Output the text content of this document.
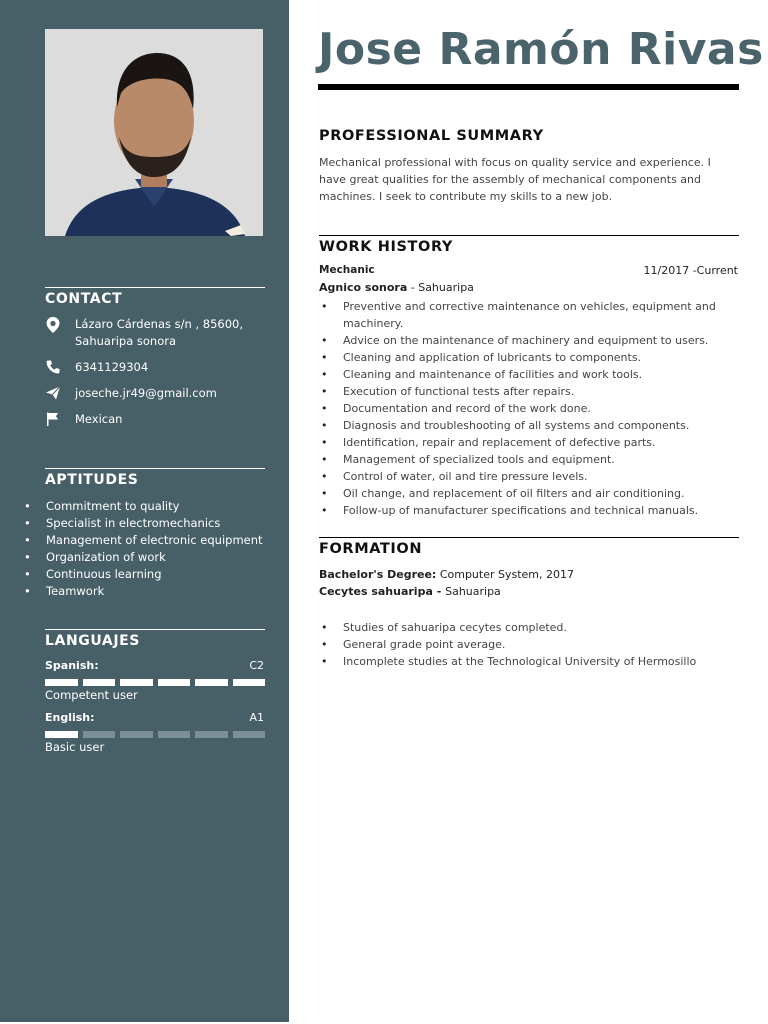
CONTACT
Lázaro Cárdenas s/n , 85600,
Sahuaripa sonora
6341129304
joseche.jr49@gmail.com
Mexican
APTITUDES
• Commitment to quality
• Specialist in electromechanics
• Management of electronic equipment
• Organization of work
• Continuous learning
• Teamwork
LANGUAJES
Spanish:	C2
Competent user
English:	A1
Basic user
Jose Ramón Rivas
PROFESSIONAL SUMMARY
Mechanical professional with focus on quality service and experience. I have great qualities for the assembly of mechanical components and machines. I seek to contribute my skills to a new job.
WORK HISTORY
Mechanic	11/2017 -Current
Agnico sonora - Sahuaripa
• Preventive and corrective maintenance on vehicles, equipment and machinery.
• Advice on the maintenance of machinery and equipment to users.
• Cleaning and application of lubricants to components.
• Cleaning and maintenance of facilities and work tools.
• Execution of functional tests after repairs.
• Documentation and record of the work done.
• Diagnosis and troubleshooting of all systems and components.
• Identification, repair and replacement of defective parts.
• Management of specialized tools and equipment.
• Control of water, oil and tire pressure levels.
• Oil change, and replacement of oil filters and air conditioning.
• Follow-up of manufacturer specifications and technical manuals.
FORMATION
Bachelor's Degree: Computer System, 2017
Cecytes sahuaripa - Sahuaripa
• Studies of sahuaripa cecytes completed.
• General grade point average.
• Incomplete studies at the Technological University of Hermosillo
